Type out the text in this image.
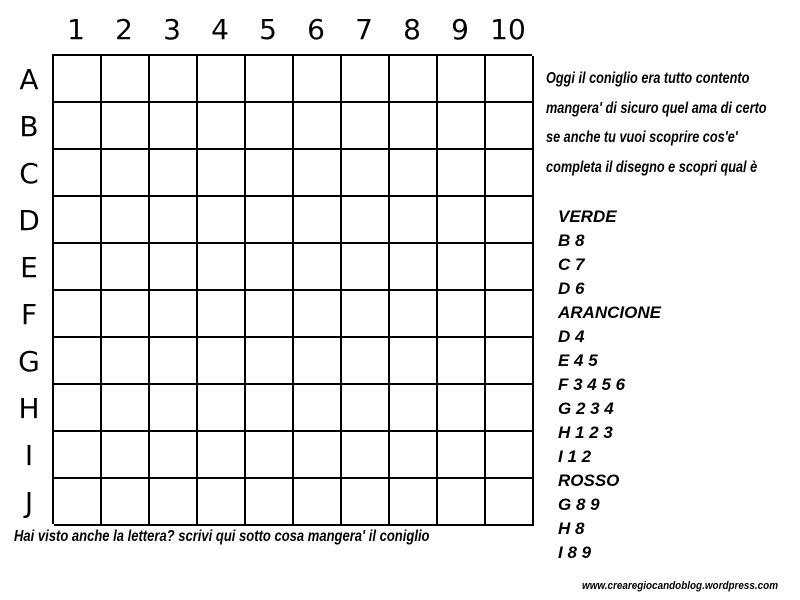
1	2	3	4	5	6	7	8	9 10
A
B
C
D
E
F
G
H
I
J
Oggi il coniglio era tutto contento
mangera' di sicuro quel ama di certo
se anche tu vuoi scoprire cos'e'
completa il disegno e scopri qual è
VERDE
B 8
C 7
D 6
ARANCIONE
D 4
E 4 5
F 3 4 5 6
G 2 3 4
H 1 2 3
I 1 2
ROSSO
G 8 9
H 8
I 8 9
Hai visto anche la lettera? scrivi qui sotto cosa mangera' il coniglio
www.crearegiocandoblog.wordpress.com
